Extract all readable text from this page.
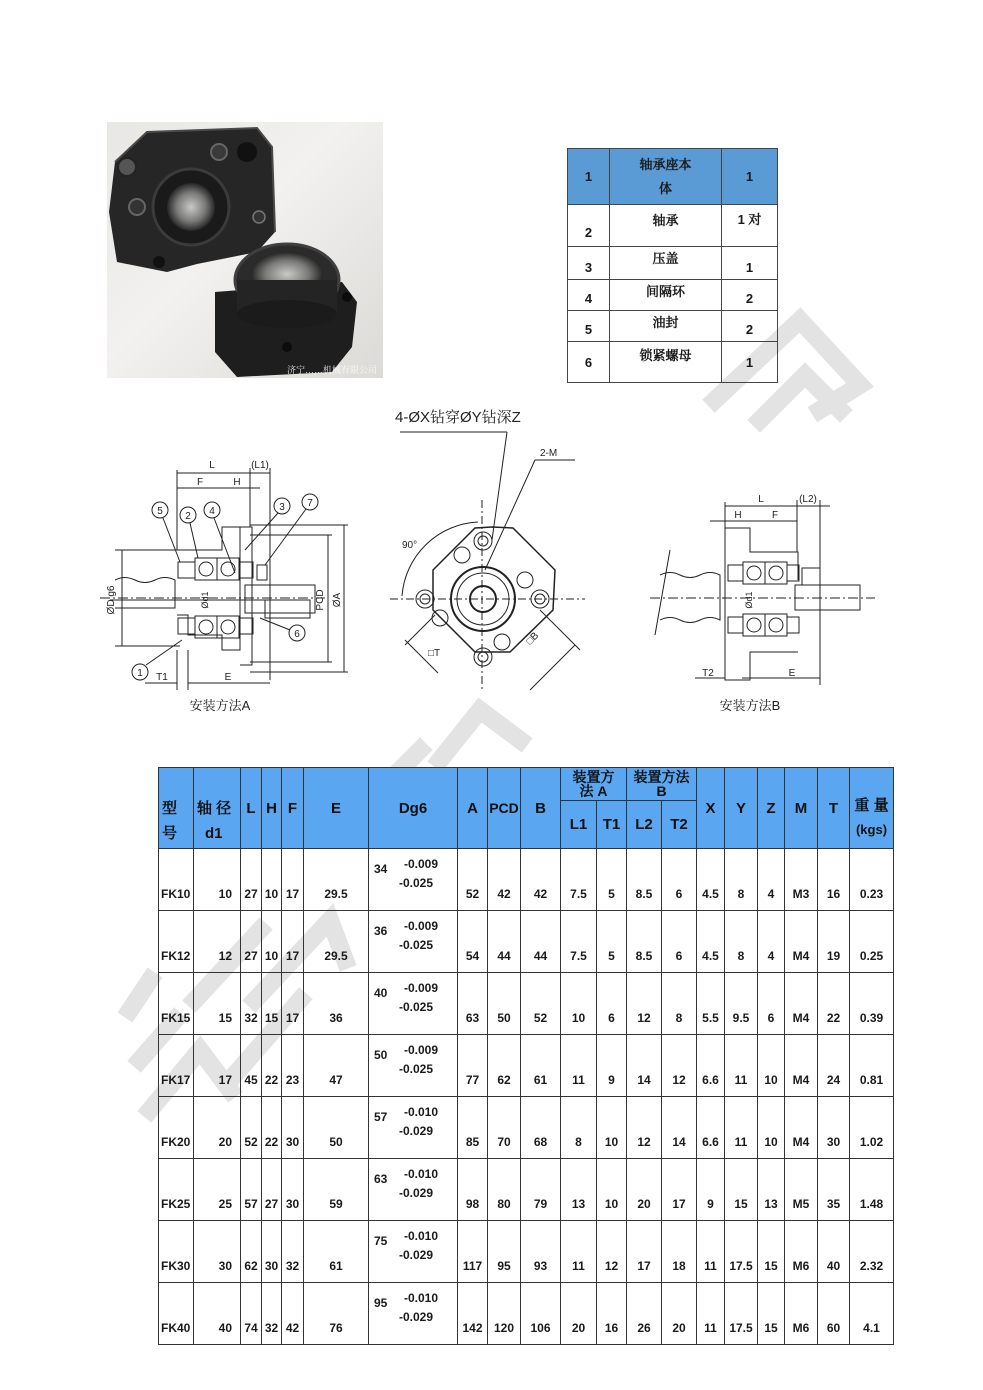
济宁……机械有限公司
1	轴承座本
体	1
2	轴承	1 对
3	压盖	1
4	间隔环	2
5	油封	2
6	锁紧螺母	1
L	(L1)
F	H
T1	E
ØD g6	Ød1	PCD ØA
5 2 4	3 7
6
1
安装方法A
4-ØX钻穿ØY钻深Z
2-M
90°
□T
□B
L	(L2)
H	F
T2	E
Ød1
安装方法B
型
号

轴 径
d1
	L	H	F	E	Dg6	A	PCD	B	
装置方
法 A

装置方法
B
	X	Y	Z	M	T	重 量
(kgs)

										L1	T1	L2	T2						
FK10	10	27	10	17	29.5	34 -0.009
-0.025	52	42	42	7.5	5	8.5	6	4.5	8	4	M3	16	0.23
FK12	12	27	10	17	29.5	36 -0.009
-0.025	54	44	44	7.5	5	8.5	6	4.5	8	4	M4	19	0.25
FK15	15	32	15	17	36	40 -0.009
-0.025	63	50	52	10	6	12	8	5.5	9.5	6	M4	22	0.39
FK17	17	45	22	23	47	50 -0.009
-0.025	77	62	61	11	9	14	12	6.6	11	10	M4	24	0.81
FK20	20	52	22	30	50	57 -0.010
-0.029	85	70	68	8	10	12	14	6.6	11	10	M4	30	1.02
FK25	25	57	27	30	59	63 -0.010
-0.029	98	80	79	13	10	20	17	9	15	13	M5	35	1.48
FK30	30	62	30	32	61	75 -0.010
-0.029	117	95	93	11	12	17	18	11	17.5	15	M6	40	2.32
FK40	40	74	32	42	76	95 -0.010
-0.029	142	120	106	20	16	26	20	11	17.5	15	M6	60	4.1
